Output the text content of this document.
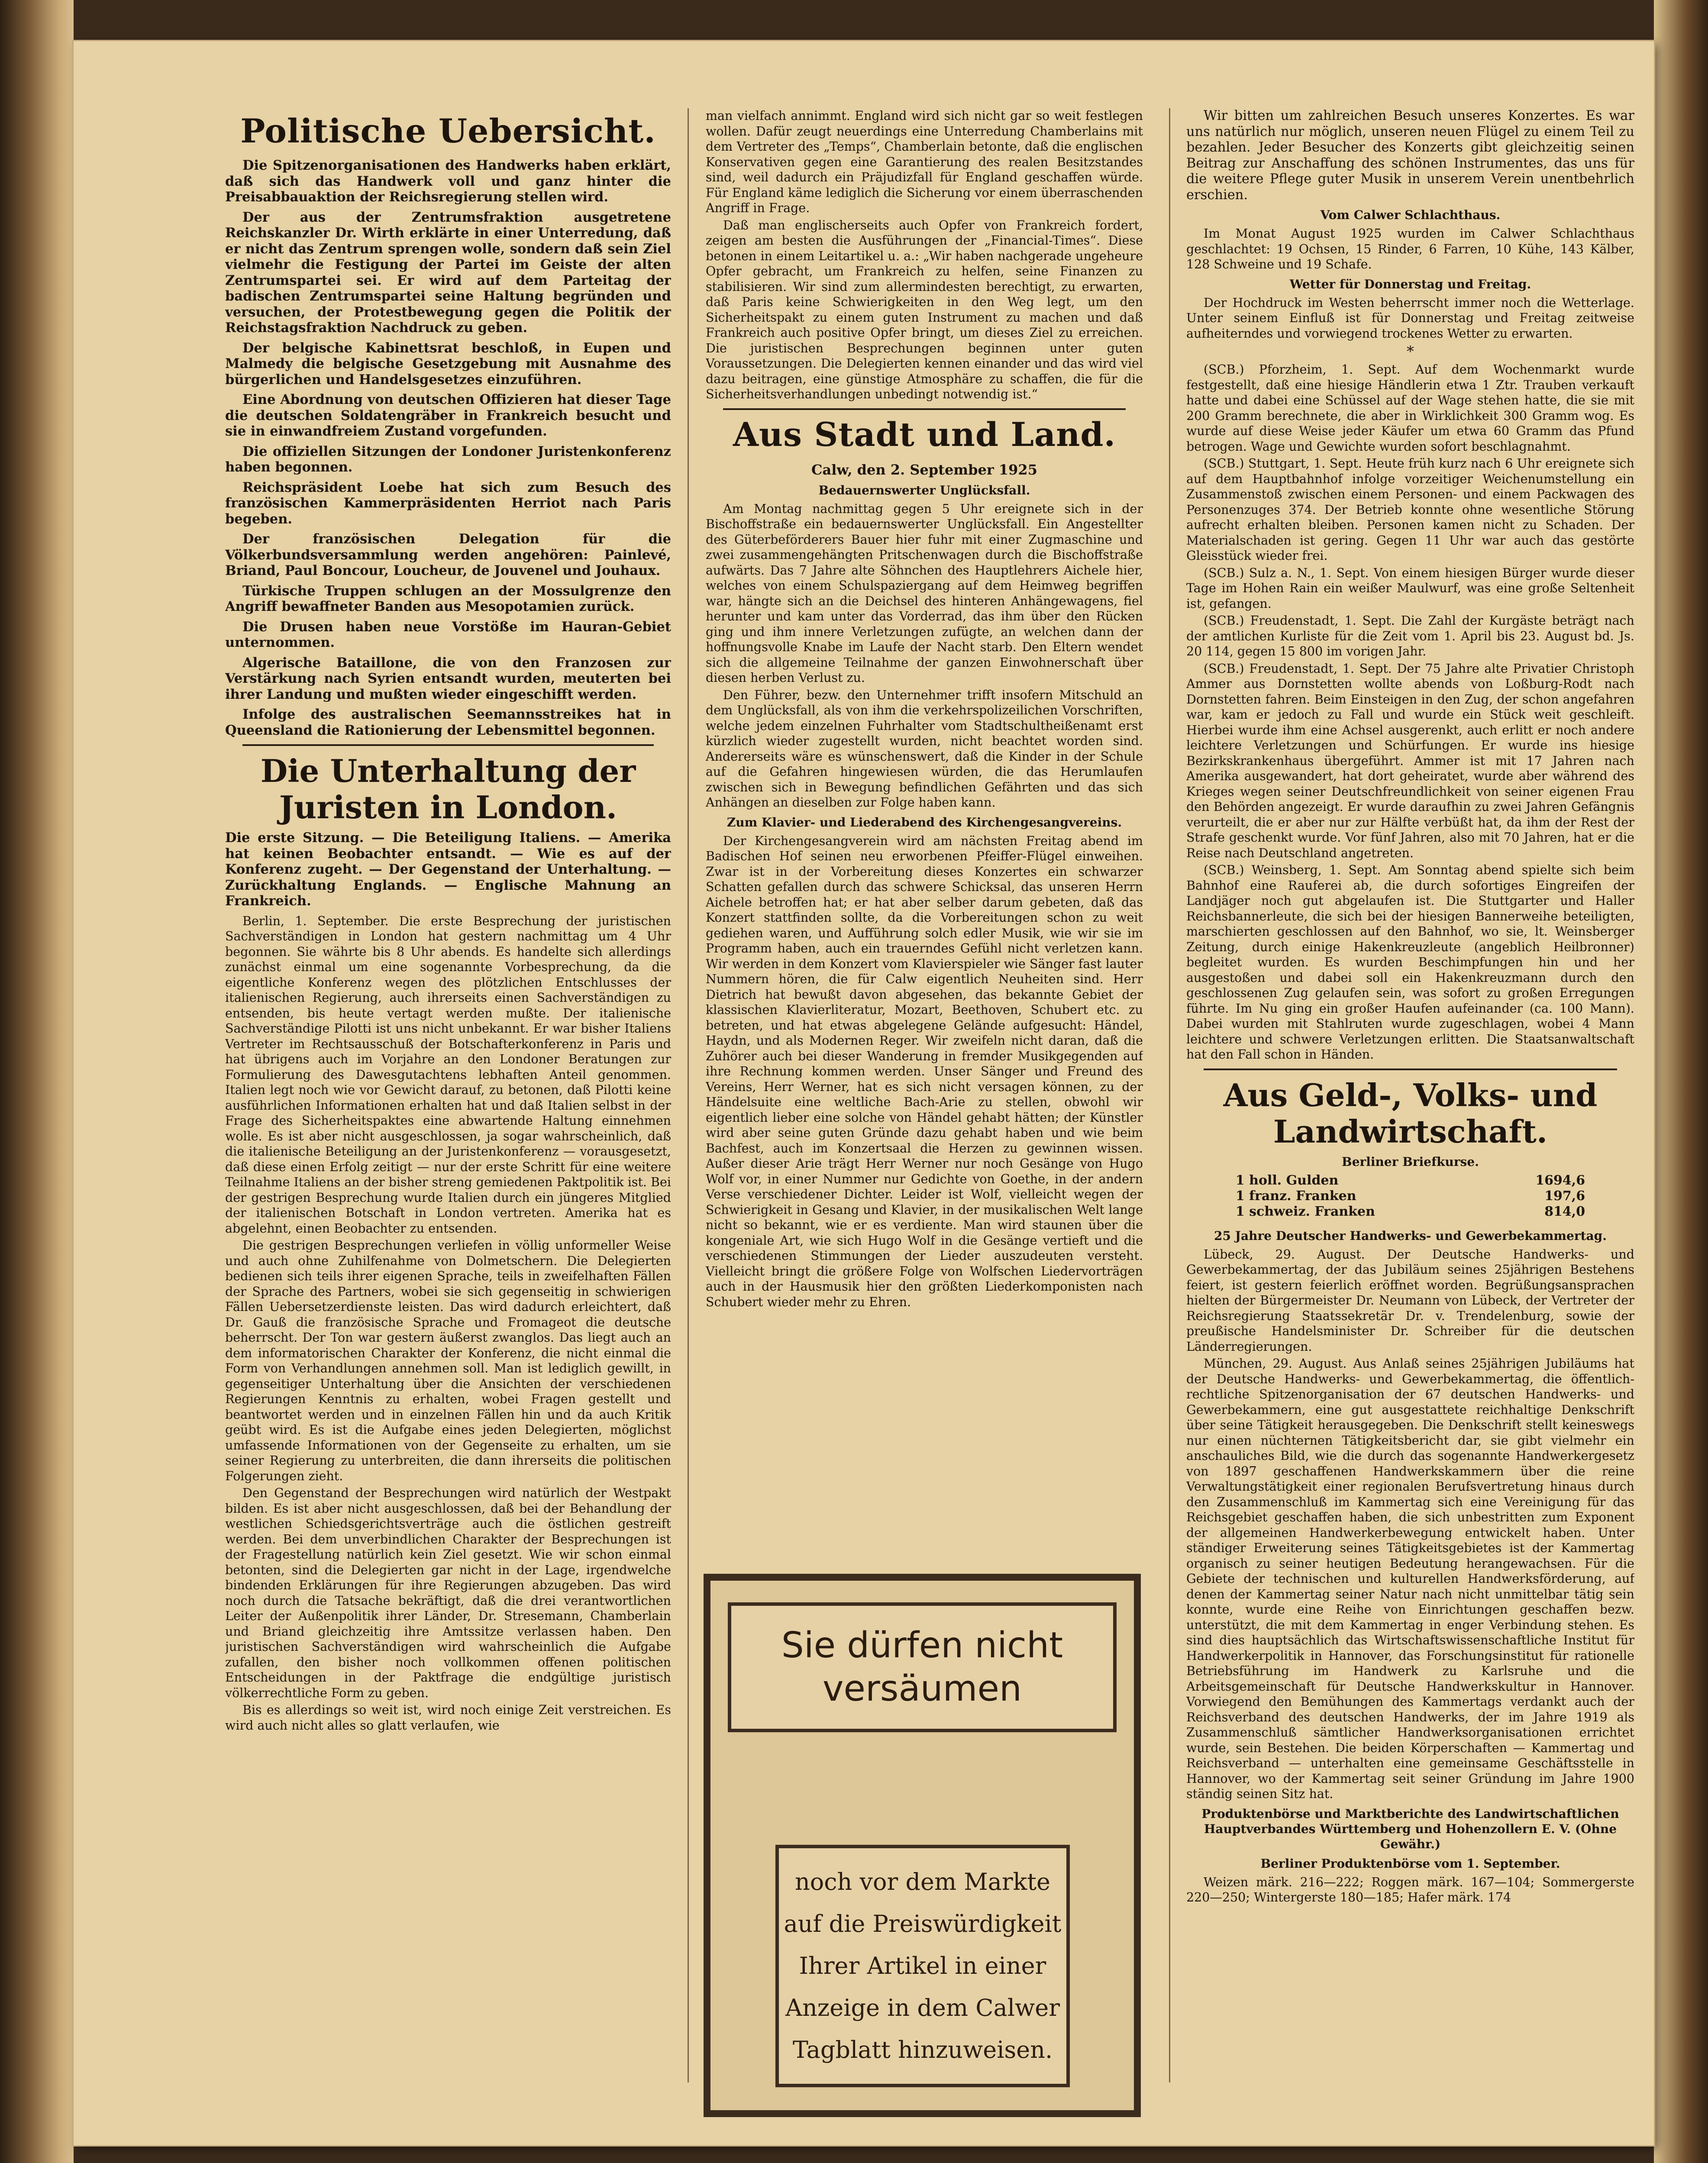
Politische Uebersicht.

Die Spitzenorganisationen des Handwerks haben erklärt, daß sich das Handwerk voll und ganz hinter die Preisabbauaktion der Reichsregierung stellen wird.

Der aus der Zentrumsfraktion ausgetretene Reichskanzler Dr. Wirth erklärte in einer Unterredung, daß er nicht das Zentrum sprengen wolle, sondern daß sein Ziel vielmehr die Festigung der Partei im Geiste der alten Zentrumspartei sei. Er wird auf dem Parteitag der badischen Zentrumspartei seine Haltung begründen und versuchen, der Protestbewegung gegen die Politik der Reichstagsfraktion Nachdruck zu geben.

Der belgische Kabinettsrat beschloß, in Eupen und Malmedy die belgische Gesetzgebung mit Ausnahme des bürgerlichen und Handelsgesetzes einzuführen.

Eine Abordnung von deutschen Offizieren hat dieser Tage die deutschen Soldatengräber in Frankreich besucht und sie in einwandfreiem Zustand vorgefunden.

Die offiziellen Sitzungen der Londoner Juristenkonferenz haben begonnen.

Reichspräsident Loebe hat sich zum Besuch des französischen Kammerpräsidenten Herriot nach Paris begeben.

Der französischen Delegation für die Völkerbundsversammlung werden angehören: Painlevé, Briand, Paul Boncour, Loucheur, de Jouvenel und Jouhaux.

Türkische Truppen schlugen an der Mossulgrenze den Angriff bewaffneter Banden aus Mesopotamien zurück.

Die Drusen haben neue Vorstöße im Hauran-Gebiet unternommen.

Algerische Bataillone, die von den Franzosen zur Verstärkung nach Syrien entsandt wurden, meuterten bei ihrer Landung und mußten wieder eingeschifft werden.

Infolge des australischen Seemannsstreikes hat in Queensland die Rationierung der Lebensmittel begonnen.

Die Unterhaltung der Juristen in London.

Die erste Sitzung. — Die Beteiligung Italiens. — Amerika hat keinen Beobachter entsandt. — Wie es auf der Konferenz zugeht. — Der Gegenstand der Unterhaltung. — Zurückhaltung Englands. — Englische Mahnung an Frankreich.

Berlin, 1. September. Die erste Besprechung der juristischen Sachverständigen in London hat gestern nachmittag um 4 Uhr begonnen. Sie währte bis 8 Uhr abends. Es handelte sich allerdings zunächst einmal um eine sogenannte Vorbesprechung, da die eigentliche Konferenz wegen des plötzlichen Entschlusses der italienischen Regierung, auch ihrerseits einen Sachverständigen zu entsenden, bis heute vertagt werden mußte. Der italienische Sachverständige Pilotti ist uns nicht unbekannt. Er war bisher Italiens Vertreter im Rechtsausschuß der Botschafterkonferenz in Paris und hat übrigens auch im Vorjahre an den Londoner Beratungen zur Formulierung des Dawesgutachtens lebhaften Anteil genommen. Italien legt noch wie vor Gewicht darauf, zu betonen, daß Pilotti keine ausführlichen Informationen erhalten hat und daß Italien selbst in der Frage des Sicherheitspaktes eine abwartende Haltung einnehmen wolle. Es ist aber nicht ausgeschlossen, ja sogar wahrscheinlich, daß die italienische Beteiligung an der Juristenkonferenz — vorausgesetzt, daß diese einen Erfolg zeitigt — nur der erste Schritt für eine weitere Teilnahme Italiens an der bisher streng gemiedenen Paktpolitik ist. Bei der gestrigen Besprechung wurde Italien durch ein jüngeres Mitglied der italienischen Botschaft in London vertreten. Amerika hat es abgelehnt, einen Beobachter zu entsenden.

Die gestrigen Besprechungen verliefen in völlig unformeller Weise und auch ohne Zuhilfenahme von Dolmetschern. Die Delegierten bedienen sich teils ihrer eigenen Sprache, teils in zweifelhaften Fällen der Sprache des Partners, wobei sie sich gegenseitig in schwierigen Fällen Uebersetzerdienste leisten. Das wird dadurch erleichtert, daß Dr. Gauß die französische Sprache und Fromageot die deutsche beherrscht. Der Ton war gestern äußerst zwanglos. Das liegt auch an dem informatorischen Charakter der Konferenz, die nicht einmal die Form von Verhandlungen annehmen soll. Man ist lediglich gewillt, in gegenseitiger Unterhaltung über die Ansichten der verschiedenen Regierungen Kenntnis zu erhalten, wobei Fragen gestellt und beantwortet werden und in einzelnen Fällen hin und da auch Kritik geübt wird. Es ist die Aufgabe eines jeden Delegierten, möglichst umfassende Informationen von der Gegenseite zu erhalten, um sie seiner Regierung zu unterbreiten, die dann ihrerseits die politischen Folgerungen zieht.

Den Gegenstand der Besprechungen wird natürlich der Westpakt bilden. Es ist aber nicht ausgeschlossen, daß bei der Behandlung der westlichen Schiedsgerichtsverträge auch die östlichen gestreift werden. Bei dem unverbindlichen Charakter der Besprechungen ist der Fragestellung natürlich kein Ziel gesetzt. Wie wir schon einmal betonten, sind die Delegierten gar nicht in der Lage, irgendwelche bindenden Erklärungen für ihre Regierungen abzugeben. Das wird noch durch die Tatsache bekräftigt, daß die drei verantwortlichen Leiter der Außenpolitik ihrer Länder, Dr. Stresemann, Chamberlain und Briand gleichzeitig ihre Amtssitze verlassen haben. Den juristischen Sachverständigen wird wahrscheinlich die Aufgabe zufallen, den bisher noch vollkommen offenen politischen Entscheidungen in der Paktfrage die endgültige juristisch völkerrechtliche Form zu geben.

Bis es allerdings so weit ist, wird noch einige Zeit verstreichen. Es wird auch nicht alles so glatt verlaufen, wie

man vielfach annimmt. England wird sich nicht gar so weit festlegen wollen. Dafür zeugt neuerdings eine Unterredung Chamberlains mit dem Vertreter des „Temps“, Chamberlain betonte, daß die englischen Konservativen gegen eine Garantierung des realen Besitzstandes sind, weil dadurch ein Präjudizfall für England geschaffen würde. Für England käme lediglich die Sicherung vor einem überraschenden Angriff in Frage.

Daß man englischerseits auch Opfer von Frankreich fordert, zeigen am besten die Ausführungen der „Financial-Times“. Diese betonen in einem Leitartikel u. a.: „Wir haben nachgerade ungeheure Opfer gebracht, um Frankreich zu helfen, seine Finanzen zu stabilisieren. Wir sind zum allermindesten berechtigt, zu erwarten, daß Paris keine Schwierigkeiten in den Weg legt, um den Sicherheitspakt zu einem guten Instrument zu machen und daß Frankreich auch positive Opfer bringt, um dieses Ziel zu erreichen. Die juristischen Besprechungen beginnen unter guten Voraussetzungen. Die Delegierten kennen einander und das wird viel dazu beitragen, eine günstige Atmosphäre zu schaffen, die für die Sicherheitsverhandlungen unbedingt notwendig ist.“

Aus Stadt und Land.
Calw, den 2. September 1925
Bedauernswerter Unglücksfall.

Am Montag nachmittag gegen 5 Uhr ereignete sich in der Bischoffstraße ein bedauernswerter Unglücksfall. Ein Angestellter des Güterbeförderers Bauer hier fuhr mit einer Zugmaschine und zwei zusammengehängten Pritschenwagen durch die Bischoffstraße aufwärts. Das 7 Jahre alte Söhnchen des Hauptlehrers Aichele hier, welches von einem Schulspaziergang auf dem Heimweg begriffen war, hängte sich an die Deichsel des hinteren Anhängewagens, fiel herunter und kam unter das Vorderrad, das ihm über den Rücken ging und ihm innere Verletzungen zufügte, an welchen dann der hoffnungsvolle Knabe im Laufe der Nacht starb. Den Eltern wendet sich die allgemeine Teilnahme der ganzen Einwohnerschaft über diesen herben Verlust zu.

Den Führer, bezw. den Unternehmer trifft insofern Mitschuld an dem Unglücksfall, als von ihm die verkehrspolizeilichen Vorschriften, welche jedem einzelnen Fuhrhalter vom Stadtschultheißenamt erst kürzlich wieder zugestellt wurden, nicht beachtet worden sind. Andererseits wäre es wünschenswert, daß die Kinder in der Schule auf die Gefahren hingewiesen würden, die das Herumlaufen zwischen sich in Bewegung befindlichen Gefährten und das sich Anhängen an dieselben zur Folge haben kann.

Zum Klavier- und Liederabend des Kirchengesangvereins.

Der Kirchengesangverein wird am nächsten Freitag abend im Badischen Hof seinen neu erworbenen Pfeiffer-Flügel einweihen. Zwar ist in der Vorbereitung dieses Konzertes ein schwarzer Schatten gefallen durch das schwere Schicksal, das unseren Herrn Aichele betroffen hat; er hat aber selber darum gebeten, daß das Konzert stattfinden sollte, da die Vorbereitungen schon zu weit gediehen waren, und Aufführung solch edler Musik, wie wir sie im Programm haben, auch ein trauerndes Gefühl nicht verletzen kann. Wir werden in dem Konzert vom Klavierspieler wie Sänger fast lauter Nummern hören, die für Calw eigentlich Neuheiten sind. Herr Dietrich hat bewußt davon abgesehen, das bekannte Gebiet der klassischen Klavierliteratur, Mozart, Beethoven, Schubert etc. zu betreten, und hat etwas abgelegene Gelände aufgesucht: Händel, Haydn, und als Modernen Reger. Wir zweifeln nicht daran, daß die Zuhörer auch bei dieser Wanderung in fremder Musikgegenden auf ihre Rechnung kommen werden. Unser Sänger und Freund des Vereins, Herr Werner, hat es sich nicht versagen können, zu der Händelsuite eine weltliche Bach-Arie zu stellen, obwohl wir eigentlich lieber eine solche von Händel gehabt hätten; der Künstler wird aber seine guten Gründe dazu gehabt haben und wie beim Bachfest, auch im Konzertsaal die Herzen zu gewinnen wissen. Außer dieser Arie trägt Herr Werner nur noch Gesänge von Hugo Wolf vor, in einer Nummer nur Gedichte von Goethe, in der andern Verse verschiedener Dichter. Leider ist Wolf, vielleicht wegen der Schwierigkeit in Gesang und Klavier, in der musikalischen Welt lange nicht so bekannt, wie er es verdiente. Man wird staunen über die kongeniale Art, wie sich Hugo Wolf in die Gesänge vertieft und die verschiedenen Stimmungen der Lieder auszudeuten versteht. Vielleicht bringt die größere Folge von Wolfschen Liedervorträgen auch in der Hausmusik hier den größten Liederkomponisten nach Schubert wieder mehr zu Ehren.

Sie dürfen nicht
versäumen
noch vor dem Markte
auf die Preiswürdigkeit
Ihrer Artikel in einer
Anzeige in dem Calwer
Tagblatt hinzuweisen.

Wir bitten um zahlreichen Besuch unseres Konzertes. Es war uns natürlich nur möglich, unseren neuen Flügel zu einem Teil zu bezahlen. Jeder Besucher des Konzerts gibt gleichzeitig seinen Beitrag zur Anschaffung des schönen Instrumentes, das uns für die weitere Pflege guter Musik in unserem Verein unentbehrlich erschien.

Vom Calwer Schlachthaus.

Im Monat August 1925 wurden im Calwer Schlachthaus geschlachtet: 19 Ochsen, 15 Rinder, 6 Farren, 10 Kühe, 143 Kälber, 128 Schweine und 19 Schafe.

Wetter für Donnerstag und Freitag.

Der Hochdruck im Westen beherrscht immer noch die Wetterlage. Unter seinem Einfluß ist für Donnerstag und Freitag zeitweise aufheiterndes und vorwiegend trockenes Wetter zu erwarten.

*

(SCB.) Pforzheim, 1. Sept. Auf dem Wochenmarkt wurde festgestellt, daß eine hiesige Händlerin etwa 1 Ztr. Trauben verkauft hatte und dabei eine Schüssel auf der Wage stehen hatte, die sie mit 200 Gramm berechnete, die aber in Wirklichkeit 300 Gramm wog. Es wurde auf diese Weise jeder Käufer um etwa 60 Gramm das Pfund betrogen. Wage und Gewichte wurden sofort beschlagnahmt.

(SCB.) Stuttgart, 1. Sept. Heute früh kurz nach 6 Uhr ereignete sich auf dem Hauptbahnhof infolge vorzeitiger Weichenumstellung ein Zusammenstoß zwischen einem Personen- und einem Packwagen des Personenzuges 374. Der Betrieb konnte ohne wesentliche Störung aufrecht erhalten bleiben. Personen kamen nicht zu Schaden. Der Materialschaden ist gering. Gegen 11 Uhr war auch das gestörte Gleisstück wieder frei.

(SCB.) Sulz a. N., 1. Sept. Von einem hiesigen Bürger wurde dieser Tage im Hohen Rain ein weißer Maulwurf, was eine große Seltenheit ist, gefangen.

(SCB.) Freudenstadt, 1. Sept. Die Zahl der Kurgäste beträgt nach der amtlichen Kurliste für die Zeit vom 1. April bis 23. August bd. Js. 20 114, gegen 15 800 im vorigen Jahr.

(SCB.) Freudenstadt, 1. Sept. Der 75 Jahre alte Privatier Christoph Ammer aus Dornstetten wollte abends von Loßburg-Rodt nach Dornstetten fahren. Beim Einsteigen in den Zug, der schon angefahren war, kam er jedoch zu Fall und wurde ein Stück weit geschleift. Hierbei wurde ihm eine Achsel ausgerenkt, auch erlitt er noch andere leichtere Verletzungen und Schürfungen. Er wurde ins hiesige Bezirkskrankenhaus übergeführt. Ammer ist mit 17 Jahren nach Amerika ausgewandert, hat dort geheiratet, wurde aber während des Krieges wegen seiner Deutschfreundlichkeit von seiner eigenen Frau den Behörden angezeigt. Er wurde daraufhin zu zwei Jahren Gefängnis verurteilt, die er aber nur zur Hälfte verbüßt hat, da ihm der Rest der Strafe geschenkt wurde. Vor fünf Jahren, also mit 70 Jahren, hat er die Reise nach Deutschland angetreten.

(SCB.) Weinsberg, 1. Sept. Am Sonntag abend spielte sich beim Bahnhof eine Rauferei ab, die durch sofortiges Eingreifen der Landjäger noch gut abgelaufen ist. Die Stuttgarter und Haller Reichsbannerleute, die sich bei der hiesigen Bannerweihe beteiligten, marschierten geschlossen auf den Bahnhof, wo sie, lt. Weinsberger Zeitung, durch einige Hakenkreuzleute (angeblich Heilbronner) begleitet wurden. Es wurden Beschimpfungen hin und her ausgestoßen und dabei soll ein Hakenkreuzmann durch den geschlossenen Zug gelaufen sein, was sofort zu großen Erregungen führte. Im Nu ging ein großer Haufen aufeinander (ca. 100 Mann). Dabei wurden mit Stahlruten wurde zugeschlagen, wobei 4 Mann leichtere und schwere Verletzungen erlitten. Die Staatsanwaltschaft hat den Fall schon in Händen.

Aus Geld-, Volks- und Landwirtschaft.
Berliner Briefkurse.
1 holl. Gulden	1694,6
1 franz. Franken	197,6
1 schweiz. Franken	814,0
25 Jahre Deutscher Handwerks- und Gewerbekammertag.

Lübeck, 29. August. Der Deutsche Handwerks- und Gewerbekammertag, der das Jubiläum seines 25jährigen Bestehens feiert, ist gestern feierlich eröffnet worden. Begrüßungsansprachen hielten der Bürgermeister Dr. Neumann von Lübeck, der Vertreter der Reichsregierung Staatssekretär Dr. v. Trendelenburg, sowie der preußische Handelsminister Dr. Schreiber für die deutschen Länderregierungen.

München, 29. August. Aus Anlaß seines 25jährigen Jubiläums hat der Deutsche Handwerks- und Gewerbekammertag, die öffentlich-rechtliche Spitzenorganisation der 67 deutschen Handwerks- und Gewerbekammern, eine gut ausgestattete reichhaltige Denkschrift über seine Tätigkeit herausgegeben. Die Denkschrift stellt keineswegs nur einen nüchternen Tätigkeitsbericht dar, sie gibt vielmehr ein anschauliches Bild, wie die durch das sogenannte Handwerkergesetz von 1897 geschaffenen Handwerkskammern über die reine Verwaltungstätigkeit einer regionalen Berufsvertretung hinaus durch den Zusammenschluß im Kammertag sich eine Vereinigung für das Reichsgebiet geschaffen haben, die sich unbestritten zum Exponent der allgemeinen Handwerkerbewegung entwickelt haben. Unter ständiger Erweiterung seines Tätigkeitsgebietes ist der Kammertag organisch zu seiner heutigen Bedeutung herangewachsen. Für die Gebiete der technischen und kulturellen Handwerksförderung, auf denen der Kammertag seiner Natur nach nicht unmittelbar tätig sein konnte, wurde eine Reihe von Einrichtungen geschaffen bezw. unterstützt, die mit dem Kammertag in enger Verbindung stehen. Es sind dies hauptsächlich das Wirtschaftswissenschaftliche Institut für Handwerkerpolitik in Hannover, das Forschungsinstitut für rationelle Betriebsführung im Handwerk zu Karlsruhe und die Arbeitsgemeinschaft für Deutsche Handwerkskultur in Hannover. Vorwiegend den Bemühungen des Kammertags verdankt auch der Reichsverband des deutschen Handwerks, der im Jahre 1919 als Zusammenschluß sämtlicher Handwerksorganisationen errichtet wurde, sein Bestehen. Die beiden Körperschaften — Kammertag und Reichsverband — unterhalten eine gemeinsame Geschäftsstelle in Hannover, wo der Kammertag seit seiner Gründung im Jahre 1900 ständig seinen Sitz hat.

Produktenbörse und Marktberichte des Landwirtschaftlichen Hauptverbandes Württemberg und Hohenzollern E. V. (Ohne Gewähr.)
Berliner Produktenbörse vom 1. September.

Weizen märk. 216—222; Roggen märk. 167—104; Sommergerste 220—250; Wintergerste 180—185; Hafer märk. 174
